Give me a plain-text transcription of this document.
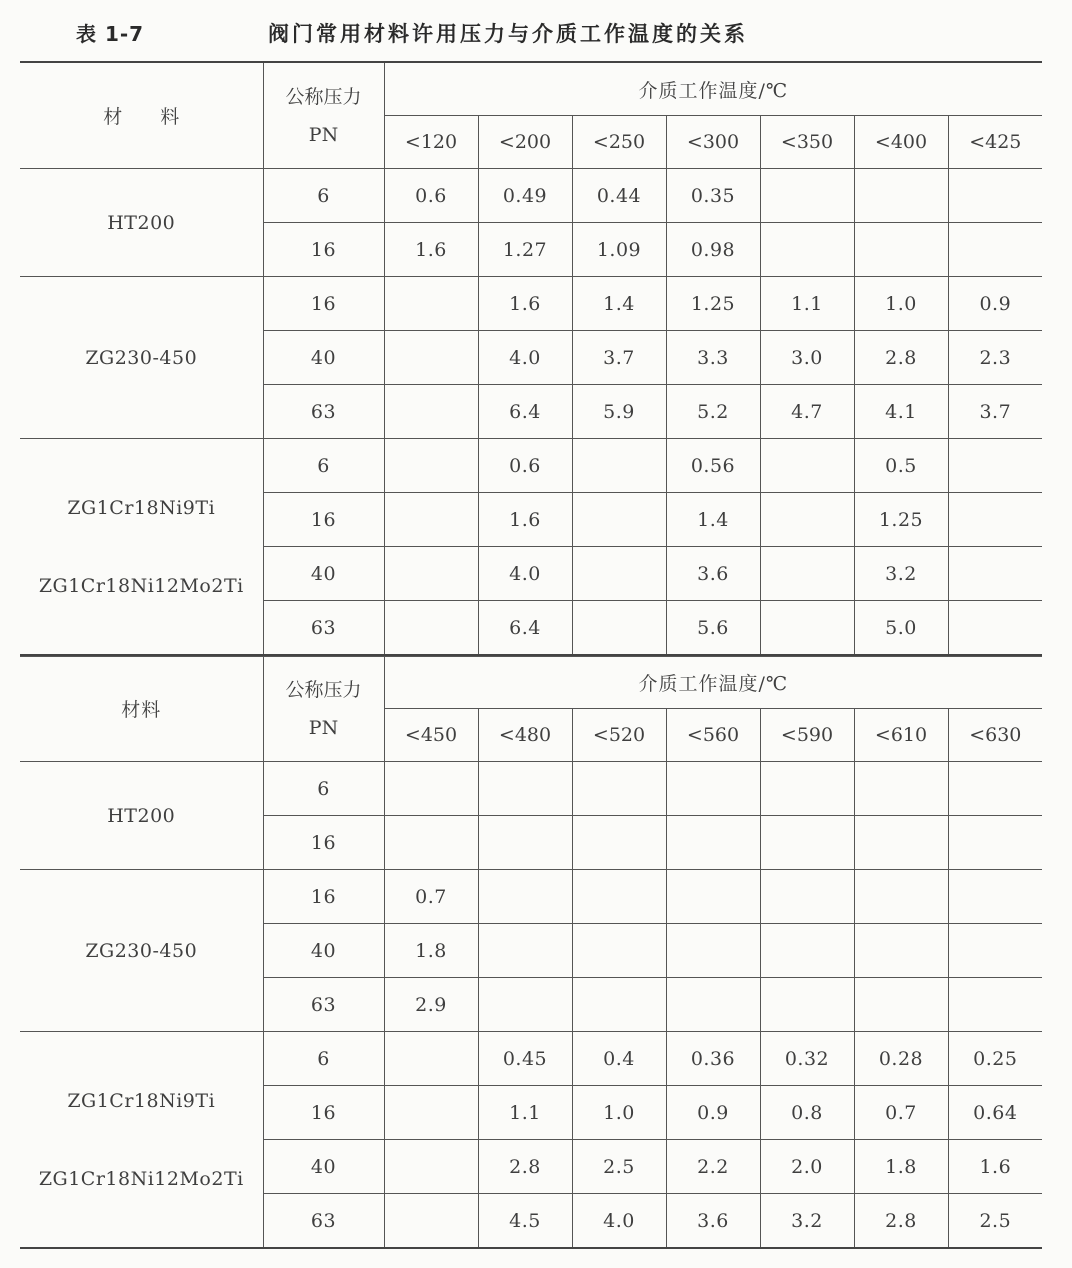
表 1-7	阀门常用材料许用压力与介质工作温度的关系
材　　料	公称压力
PN	介质工作温度/℃						
		<120	<200	<250	<300	<350	<400	<425

HT200	6	0.6	0.49	0.44	0.35			
	16	1.6	1.27	1.09	0.98			

ZG230-450	16		1.6	1.4	1.25	1.1	1.0	0.9
	40		4.0	3.7	3.3	3.0	2.8	2.3
	63		6.4	5.9	5.2	4.7	4.1	3.7

ZG1Cr18Ni9Ti
ZG1Cr18Ni12Mo2Ti	6		0.6		0.56		0.5	
	16		1.6		1.4		1.25	
	40		4.0		3.6		3.2	
	63		6.4		5.6		5.0	
材料	公称压力
PN	介质工作温度/℃						
		<450	<480	<520	<560	<590	<610	<630

HT200	6							
	16							

ZG230-450	16	0.7						
	40	1.8						
	63	2.9						

ZG1Cr18Ni9Ti
ZG1Cr18Ni12Mo2Ti	6		0.45	0.4	0.36	0.32	0.28	0.25
	16		1.1	1.0	0.9	0.8	0.7	0.64
	40		2.8	2.5	2.2	2.0	1.8	1.6
	63		4.5	4.0	3.6	3.2	2.8	2.5
